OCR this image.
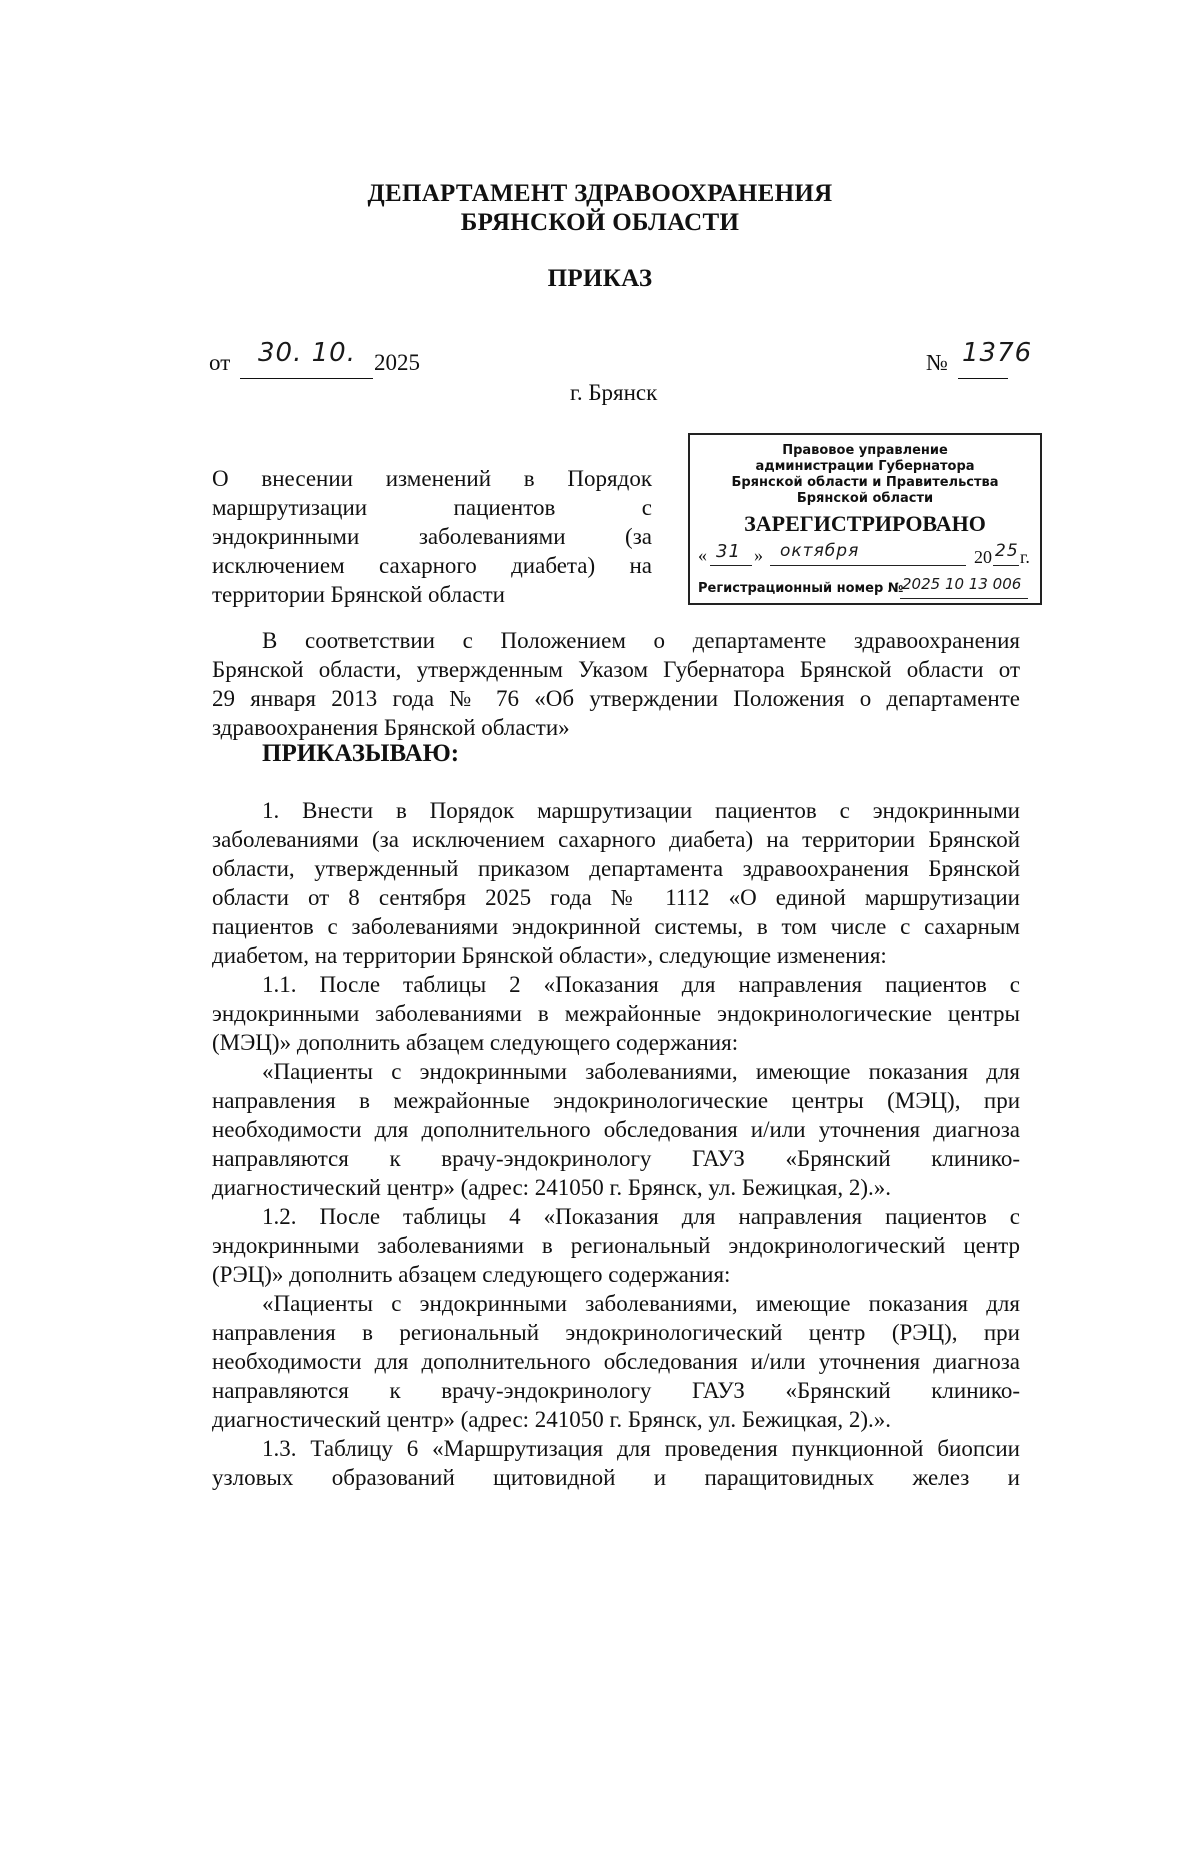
ДЕПАРТАМЕНТ ЗДРАВООХРАНЕНИЯ
БРЯНСКОЙ ОБЛАСТИ
ПРИКАЗ
от 30. 10. 2025	№ 1376
г. Брянск
О внесении изменений в Порядок
маршрутизации пациентов с
эндокринными заболеваниями (за
исключением сахарного диабета) на
территории Брянской области
Правовое управление
администрации Губернатора
Брянской области и Правительства
Брянской области
ЗАРЕГИСТРИРОВАНО
« 31 » октября	20 25 г.
Регистрационный номер №
2025 10 13 006
В соответствии с Положением о департаменте здравоохранения
Брянской области, утвержденным Указом Губернатора Брянской области от
29 января 2013 года № 76 «Об утверждении Положения о департаменте
здравоохранения Брянской области»
ПРИКАЗЫВАЮ:
1. Внести в Порядок маршрутизации пациентов с эндокринными
заболеваниями (за исключением сахарного диабета) на территории Брянской
области, утвержденный приказом департамента здравоохранения Брянской
области от 8 сентября 2025 года № 1112 «О единой маршрутизации
пациентов с заболеваниями эндокринной системы, в том числе с сахарным
диабетом, на территории Брянской области», следующие изменения:
1.1. После таблицы 2 «Показания для направления пациентов с
эндокринными заболеваниями в межрайонные эндокринологические центры
(МЭЦ)» дополнить абзацем следующего содержания:
«Пациенты с эндокринными заболеваниями, имеющие показания для
направления в межрайонные эндокринологические центры (МЭЦ), при
необходимости для дополнительного обследования и/или уточнения диагноза
направляются к врачу-эндокринологу ГАУЗ «Брянский клинико-
диагностический центр» (адрес: 241050 г. Брянск, ул. Бежицкая, 2).».
1.2. После таблицы 4 «Показания для направления пациентов с
эндокринными заболеваниями в региональный эндокринологический центр
(РЭЦ)» дополнить абзацем следующего содержания:
«Пациенты с эндокринными заболеваниями, имеющие показания для
направления в региональный эндокринологический центр (РЭЦ), при
необходимости для дополнительного обследования и/или уточнения диагноза
направляются к врачу-эндокринологу ГАУЗ «Брянский клинико-
диагностический центр» (адрес: 241050 г. Брянск, ул. Бежицкая, 2).».
1.3. Таблицу 6 «Маршрутизация для проведения пункционной биопсии
узловых образований щитовидной и паращитовидных желез и
